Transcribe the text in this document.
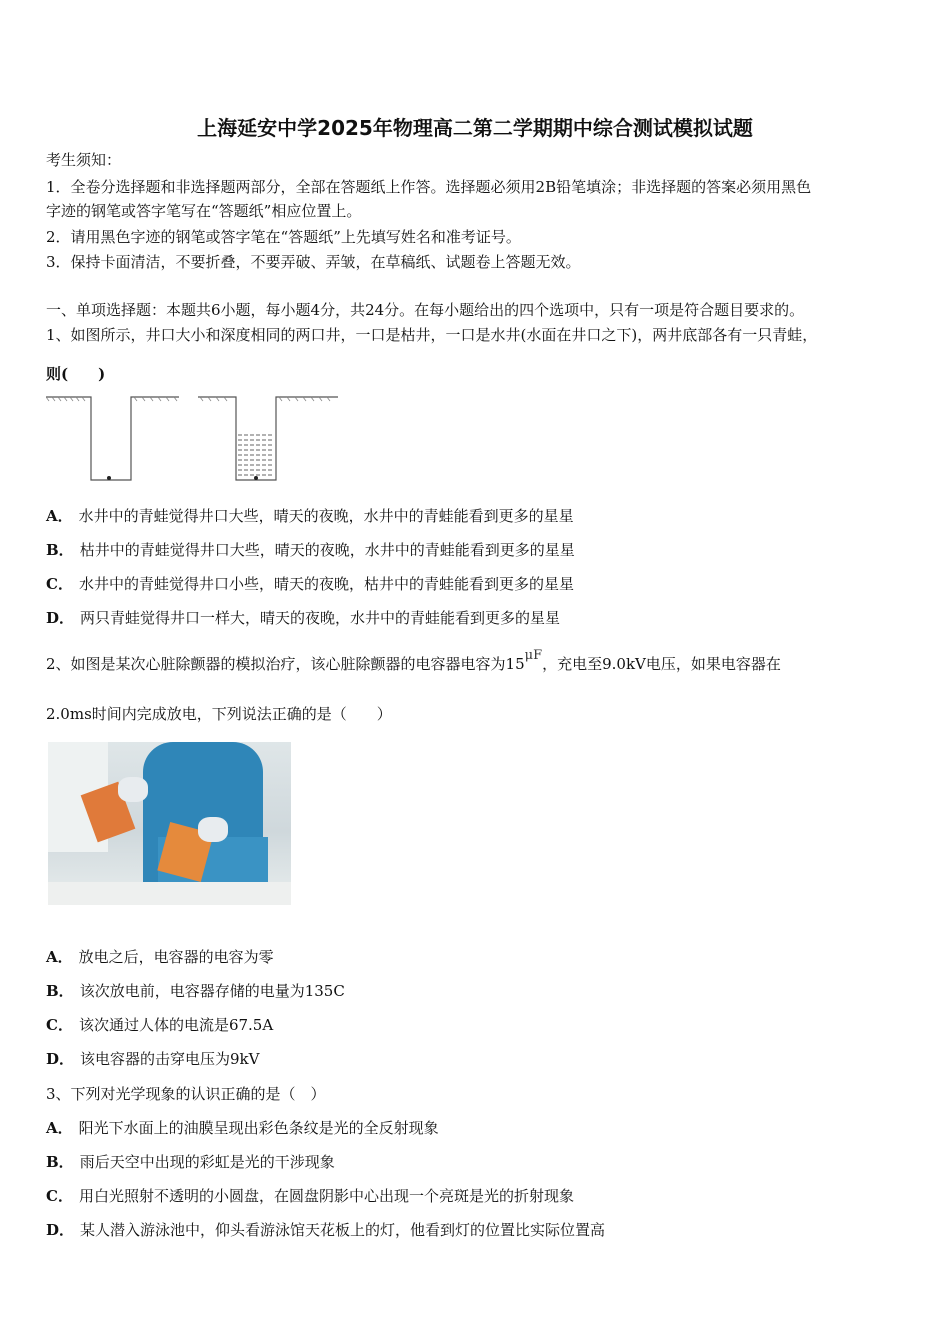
上海延安中学2025年物理高二第二学期期中综合测试模拟试题
考生须知：
1．全卷分选择题和非选择题两部分，全部在答题纸上作答。选择题必须用2B铅笔填涂；非选择题的答案必须用黑色
字迹的钢笔或答字笔写在“答题纸”相应位置上。
2．请用黑色字迹的钢笔或答字笔在“答题纸”上先填写姓名和准考证号。
3．保持卡面清洁，不要折叠，不要弄破、弄皱，在草稿纸、试题卷上答题无效。
一、单项选择题：本题共6小题，每小题4分，共24分。在每小题给出的四个选项中，只有一项是符合题目要求的。
1、如图所示，井口大小和深度相同的两口井，一口是枯井，一口是水井(水面在井口之下)，两井底部各有一只青蛙，
则(　　)
A． 水井中的青蛙觉得井口大些，晴天的夜晚，水井中的青蛙能看到更多的星星
B． 枯井中的青蛙觉得井口大些，晴天的夜晚，水井中的青蛙能看到更多的星星
C． 水井中的青蛙觉得井口小些，晴天的夜晚，枯井中的青蛙能看到更多的星星
D． 两只青蛙觉得井口一样大，晴天的夜晚，水井中的青蛙能看到更多的星星
2、如图是某次心脏除颤器的模拟治疗，该心脏除颤器的电容器电容为15μF，充电至9.0kV电压，如果电容器在
2.0ms时间内完成放电，下列说法正确的是（　　）
A． 放电之后，电容器的电容为零
B． 该次放电前，电容器存储的电量为135C
C． 该次通过人体的电流是67.5A
D． 该电容器的击穿电压为9kV
3、下列对光学现象的认识正确的是（　）
A． 阳光下水面上的油膜呈现出彩色条纹是光的全反射现象
B． 雨后天空中出现的彩虹是光的干涉现象
C． 用白光照射不透明的小圆盘，在圆盘阴影中心出现一个亮斑是光的折射现象
D． 某人潜入游泳池中，仰头看游泳馆天花板上的灯，他看到灯的位置比实际位置高
